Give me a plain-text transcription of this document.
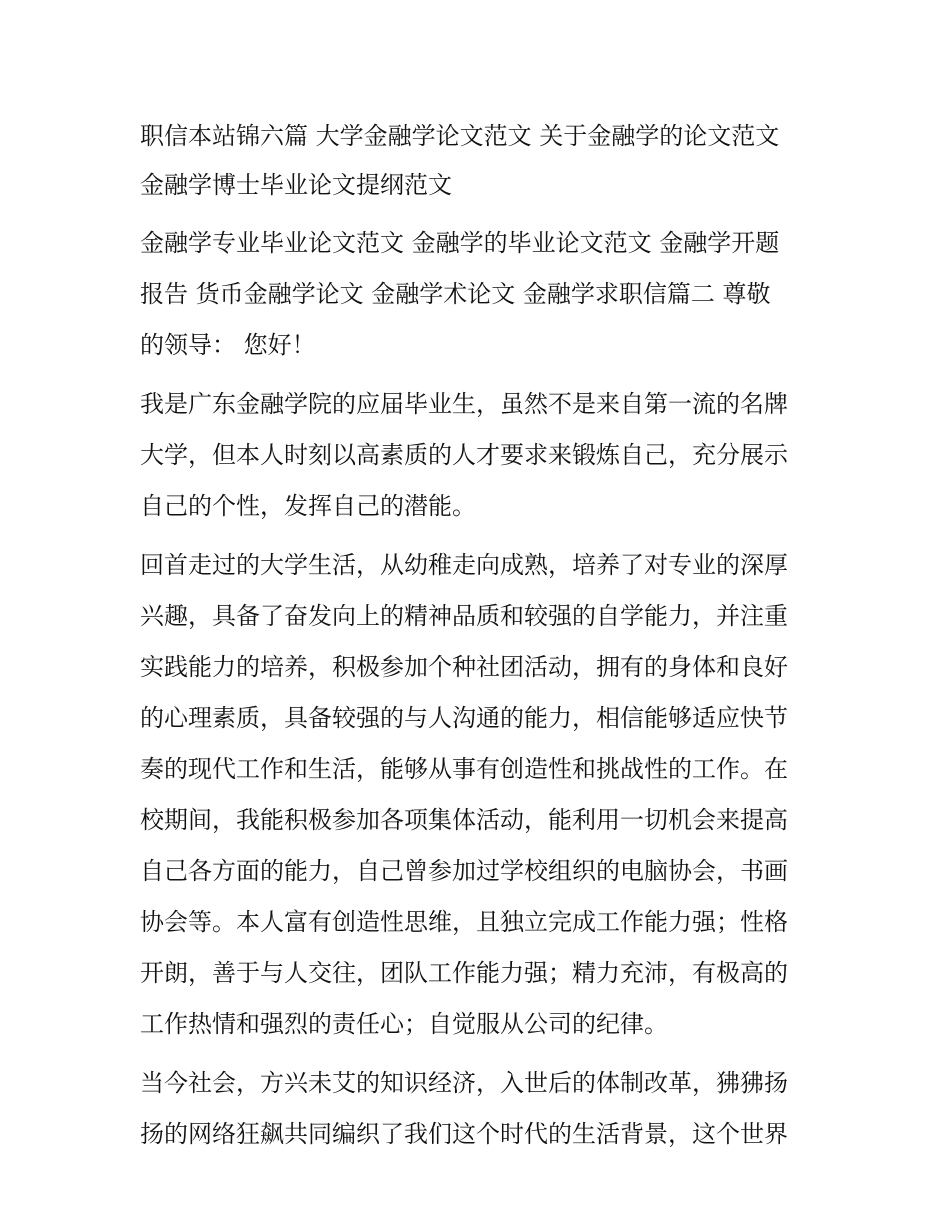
职信本站锦六篇 大学金融学论文范文 关于金融学的论文范文
金融学博士毕业论文提纲范文
金融学专业毕业论文范文 金融学的毕业论文范文 金融学开题
报告 货币金融学论文 金融学术论文 金融学求职信篇二 尊敬
的领导： 您好！
我是广东金融学院的应届毕业生，虽然不是来自第一流的名牌
大学，但本人时刻以高素质的人才要求来锻炼自己，充分展示
自己的个性，发挥自己的潜能。
回首走过的大学生活，从幼稚走向成熟，培养了对专业的深厚
兴趣，具备了奋发向上的精神品质和较强的自学能力，并注重
实践能力的培养，积极参加个种社团活动，拥有的身体和良好
的心理素质，具备较强的与人沟通的能力，相信能够适应快节
奏的现代工作和生活，能够从事有创造性和挑战性的工作。在
校期间，我能积极参加各项集体活动，能利用一切机会来提高
自己各方面的能力，自己曾参加过学校组织的电脑协会，书画
协会等。本人富有创造性思维，且独立完成工作能力强；性格
开朗，善于与人交往，团队工作能力强；精力充沛，有极高的
工作热情和强烈的责任心；自觉服从公司的纪律。
当今社会，方兴未艾的知识经济，入世后的体制改革，狒狒扬
扬的网络狂飙共同编织了我们这个时代的生活背景，这个世界
